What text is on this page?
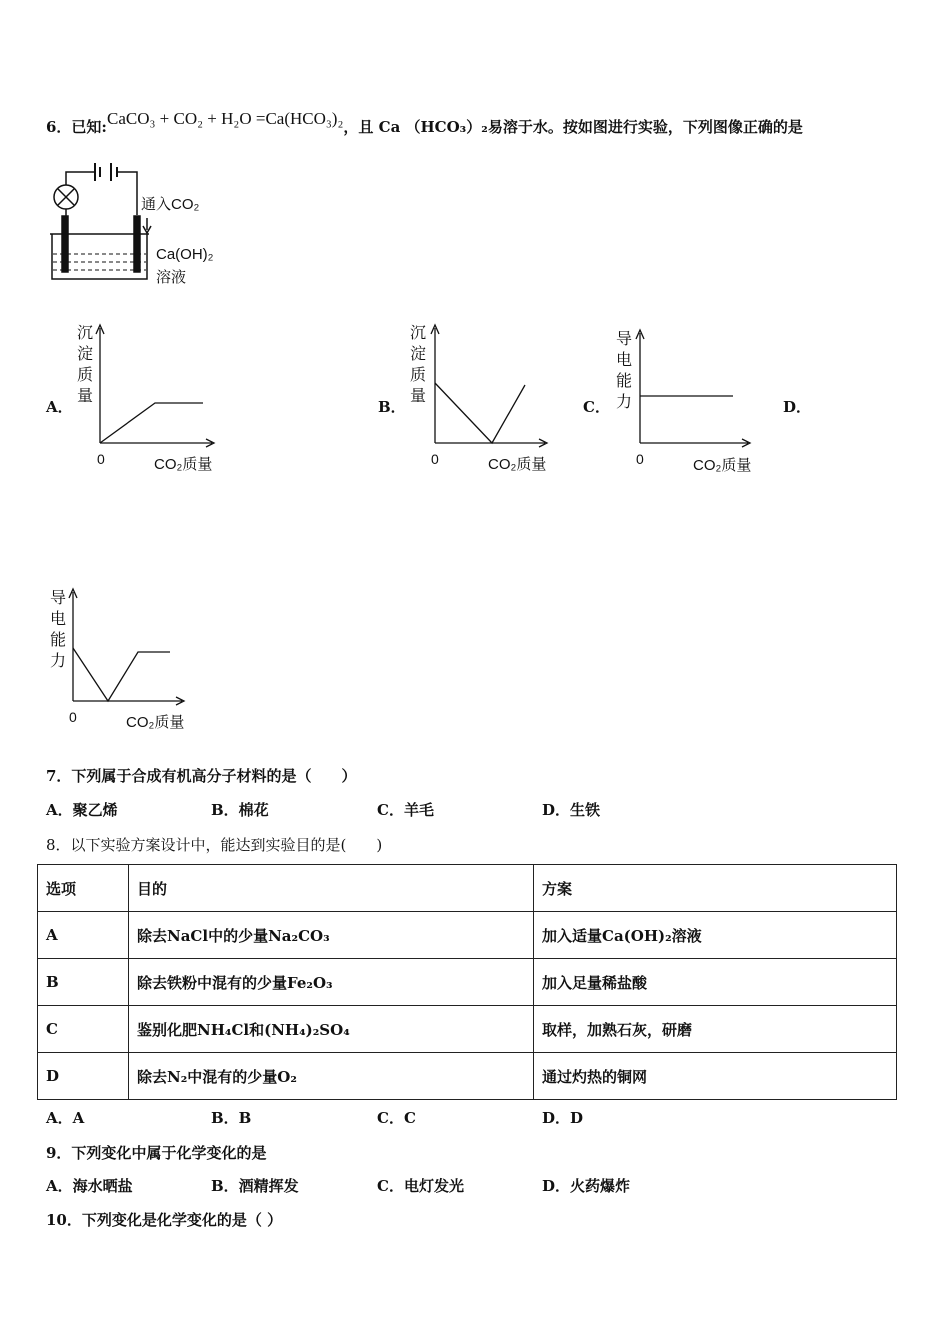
6．已知:CaCO₃ + CO₂ + H₂O =Ca(HCO₃)₂，且 Ca （HCO₃）₂易溶于水。按如图进行实验，下列图像正确的是
通入CO₂
Ca(OH)₂
溶液
A．
沉淀质量
0	CO₂质量
B．
沉淀质量
0	CO₂质量
C．
导电能力
0	CO₂质量
D．
导电能力
0	CO₂质量
7．下列属于合成有机高分子材料的是（　　）
A．聚乙烯	B．棉花	C．羊毛	D．生铁
8．以下实验方案设计中，能达到实验目的是(　　)
选项	目的	方案
A	除去NaCl中的少量Na₂CO₃	加入适量Ca(OH)₂溶液
B	除去铁粉中混有的少量Fe₂O₃	加入足量稀盐酸
C	鉴别化肥NH₄Cl和(NH₄)₂SO₄	取样，加熟石灰，研磨
D	除去N₂中混有的少量O₂	通过灼热的铜网
A．A	B．B	C．C	D．D
9．下列变化中属于化学变化的是
A．海水晒盐	B．酒精挥发	C．电灯发光	D．火药爆炸
10．下列变化是化学变化的是（ ）
